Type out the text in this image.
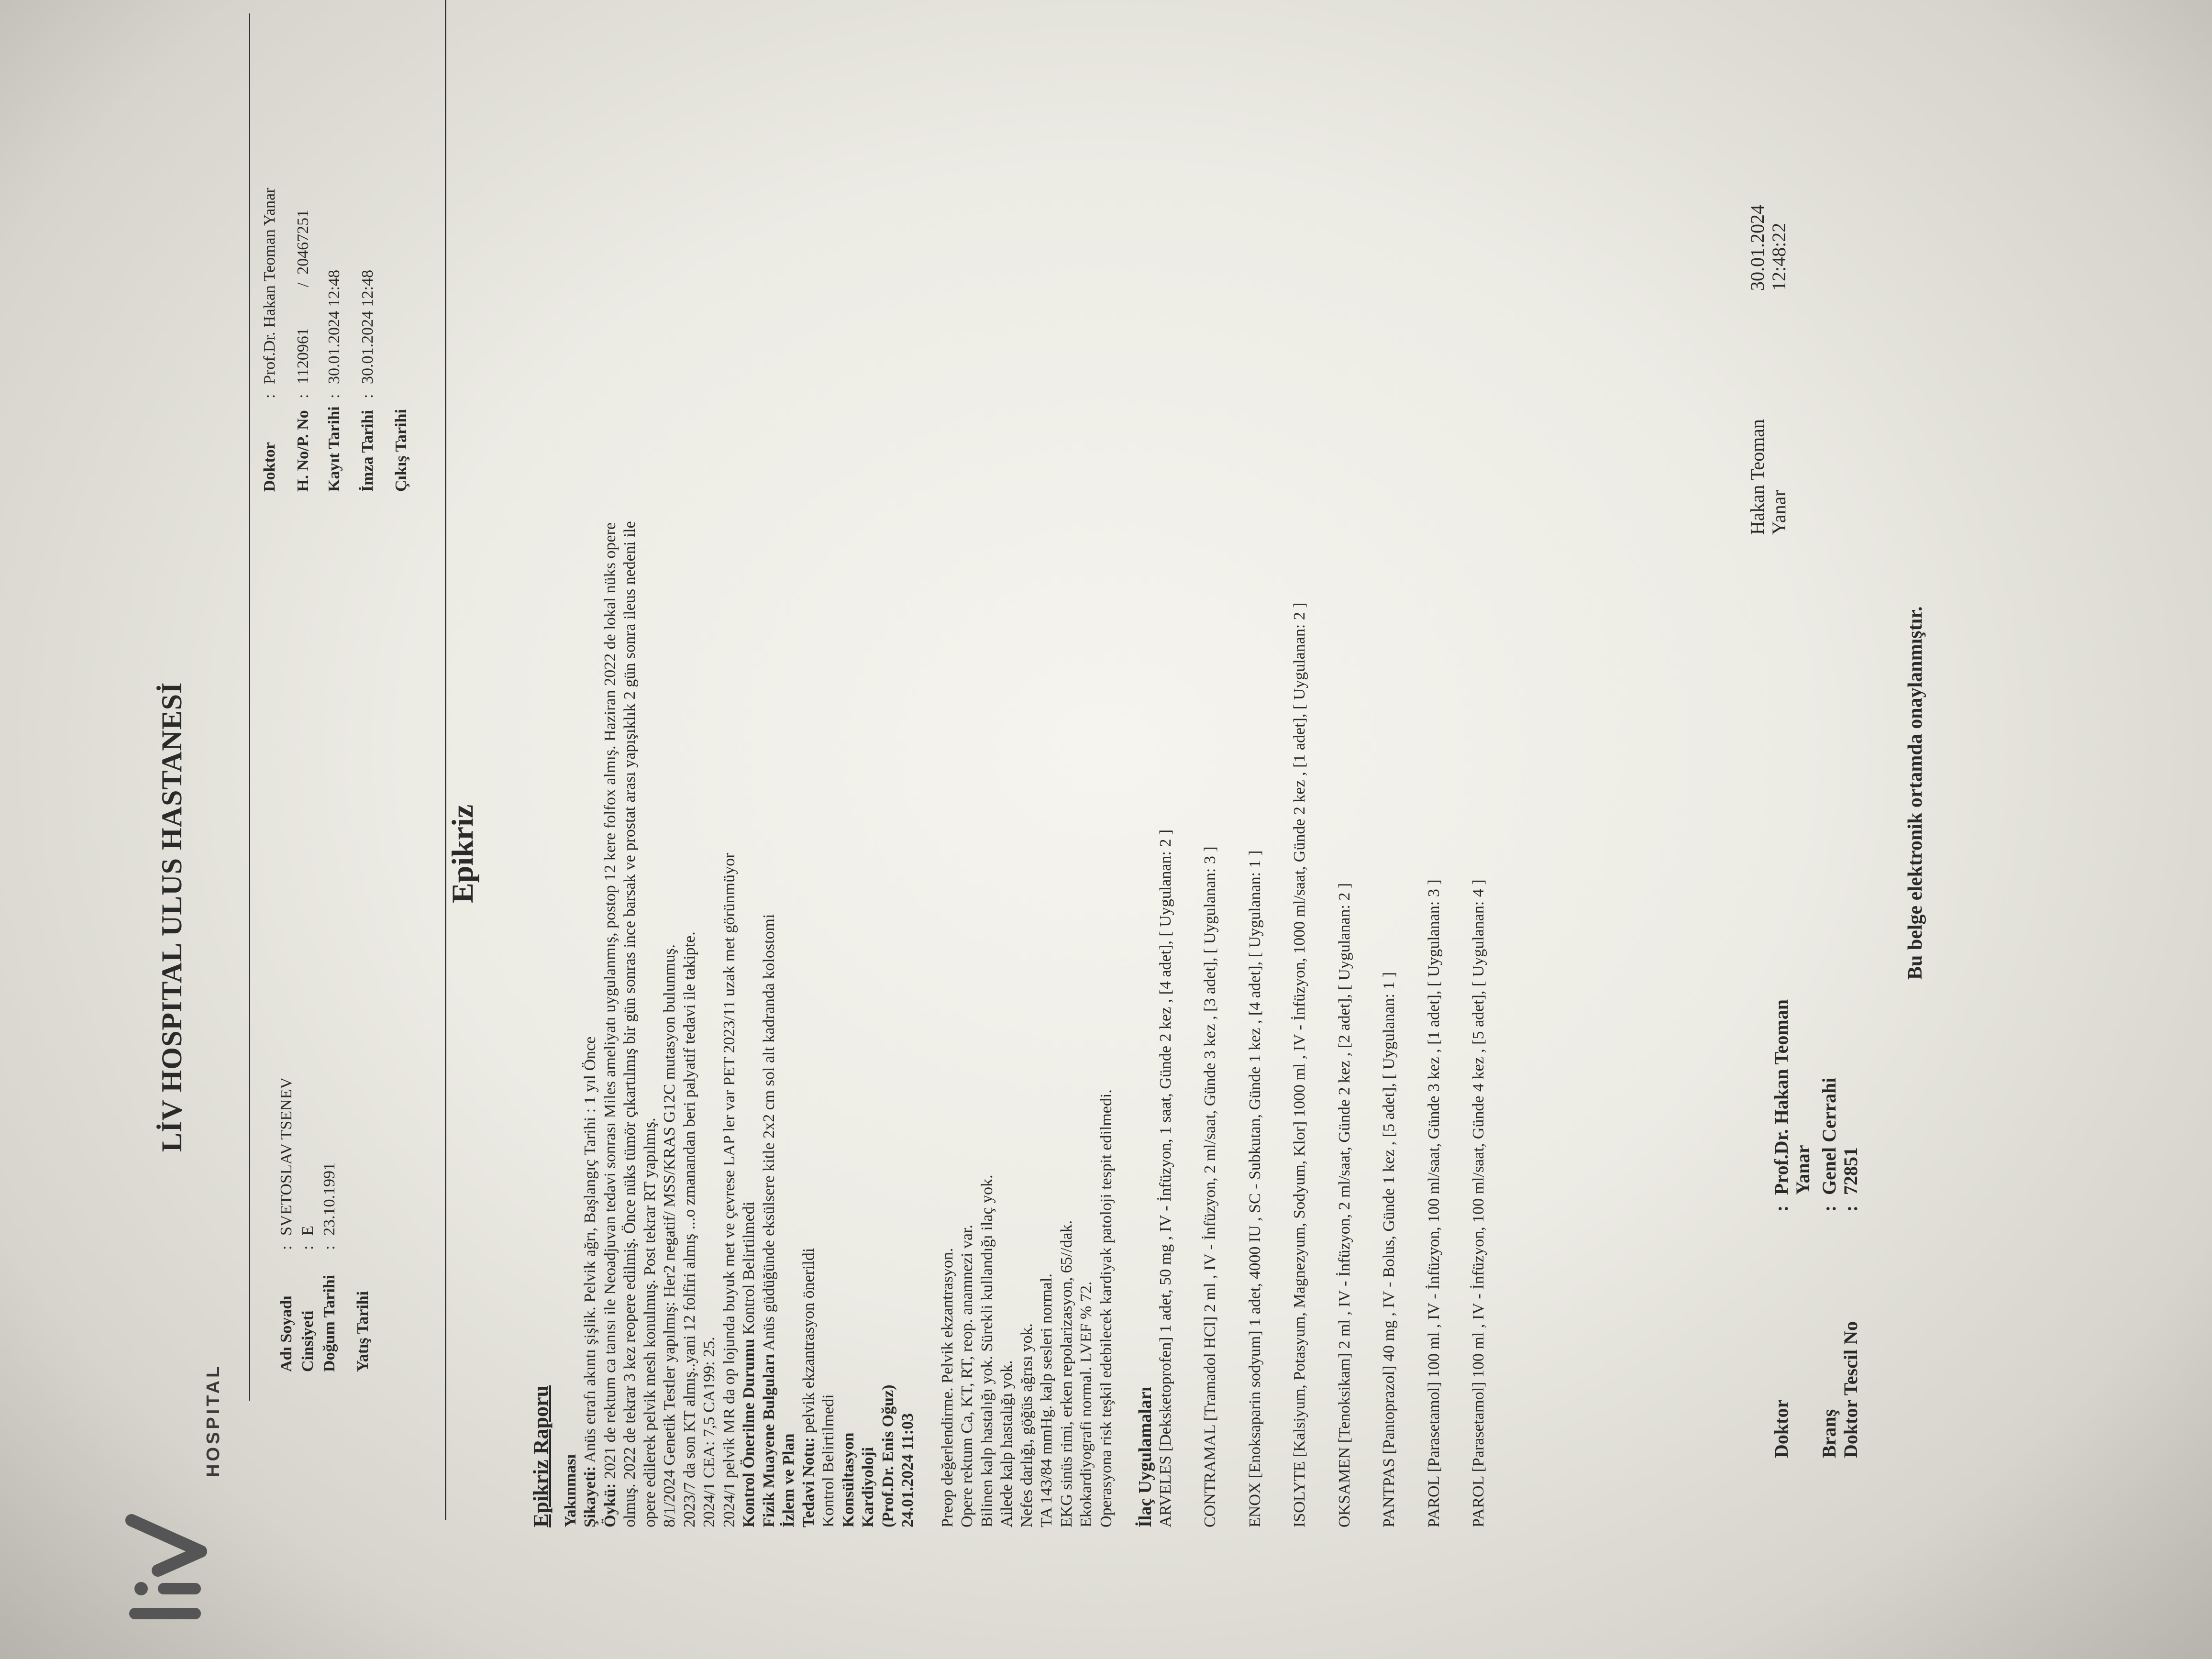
HOSPITAL
LİV HOSPITAL ULUS HASTANESİ
Adı Soyadı
:
SVETOSLAV TSENEV
Cinsiyeti
:
E
Doğum Tarihi
:
23.10.1991
Yatış Tarihi
Doktor
:
Prof.Dr. Hakan Teoman Yanar
H. No/P. No
:
1120961          /  20467251
Kayıt Tarihi
:
30.01.2024 12:48
İmza Tarihi
:
30.01.2024 12:48
Çıkış Tarihi
Epikriz
Epikriz Raporu Yakınması Şikayeti: Anüs etrafı akıntı şişlik. Pelvik ağrı, Başlangıç Tarihi : 1 yıl Önce
Öykü: 2021 de rektum ca tanısı ile Neoadjuvan tedavi sonrası Miles ameliyatı uygulanmış, postop 12 kere folfox almış. Haziran 2022 de lokal nüks opere olmuş. 2022 de tekrar 3 kez reopere edilmiş. Önce nüks tümör çıkartılmış bir gün sonras ince barsak ve prostat arası yapışıklık 2 gün sonra ileus nedeni ile opere edilerek pelvik mesh konulmuş. Post tekrar RT yapılmış. 8/1/2024 Genetik Testler yapılmış: Her2 negatif/ MSS/KRAS G12C mutasyon bulunmuş. 2023/7 da son KT almış..yani 12 folfiri almış ...o zmanandan beri palyatif tedavi ile takipte. 2024/1 CEA: 7,5 CA199: 25. 2024/1 pelvik MR da op lojunda buyuk met ve çevrese LAP ler var PET 2023/11 uzak met görünmüyor Kontrol Önerilme Durumu Kontrol Belirtilmedi
Fizik Muayene Bulguları Anüs güdüğünde eksülsere kitle 2x2 cm sol alt kadranda kolostomi
İzlem ve Plan Tedavi Notu: pelvik ekzantrasyon önerildi
Kontrol Belirtilmedi Konsültasyon Kardiyoloji (Prof.Dr. Enis Oğuz) 24.01.2024 11:03 Preop değerlendirme. Pelvik ekzantrasyon. Opere rektum Ca, KT, RT, reop. anamnezi var. Bilinen kalp hastalığı yok. Sürekli kullandığı ilaç yok. Ailede kalp hastalığı yok. Nefes darlığı, göğüs ağrısı yok. TA 143/84 mmHg. kalp sesleri normal. EKG sinüs rimi, erken repolarizasyon, 65//dak. Ekokardiyografi normal. LVEF % 72. Operasyona risk teşkil edebilecek kardiyak patoloji tespit edilmedi. İlaç Uygulamaları ARVELES [Deksketoprofen] 1 adet, 50 mg , IV - İnfüzyon, 1 saat, Günde 2 kez , [4 adet], [ Uygulanan: 2 ] CONTRAMAL [Tramadol HCl] 2 ml , IV - İnfüzyon, 2 ml/saat, Günde 3 kez , [3 adet], [ Uygulanan: 3 ] ENOX [Enoksaparin sodyum] 1 adet, 4000 IU , SC - Subkutan, Günde 1 kez , [4 adet], [ Uygulanan: 1 ] ISOLYTE [Kalsiyum, Potasyum, Magnezyum, Sodyum, Klor] 1000 ml , IV - İnfüzyon, 1000 ml/saat, Günde 2 kez , [1 adet], [ Uygulanan: 2 ] OKSAMEN [Tenoksikam] 2 ml , IV - İnfüzyon, 2 ml/saat, Günde 2 kez , [2 adet], [ Uygulanan: 2 ] PANTPAS [Pantoprazol] 40 mg , IV - Bolus, Günde 1 kez , [5 adet], [ Uygulanan: 1 ] PAROL [Parasetamol] 100 ml , IV - İnfüzyon, 100 ml/saat, Günde 3 kez , [1 adet], [ Uygulanan: 3 ] PAROL [Parasetamol] 100 ml , IV - İnfüzyon, 100 ml/saat, Günde 4 kez , [5 adet], [ Uygulanan: 4 ]	Doktor
:
Prof.Dr. Hakan Teoman Yanar
Branş
:
Genel Cerrahi
Doktor Tescil No
:
72851
Hakan Teoman Yanar
30.01.2024 12:48:22
Bu belge elektronik ortamda onaylanmıştır.
